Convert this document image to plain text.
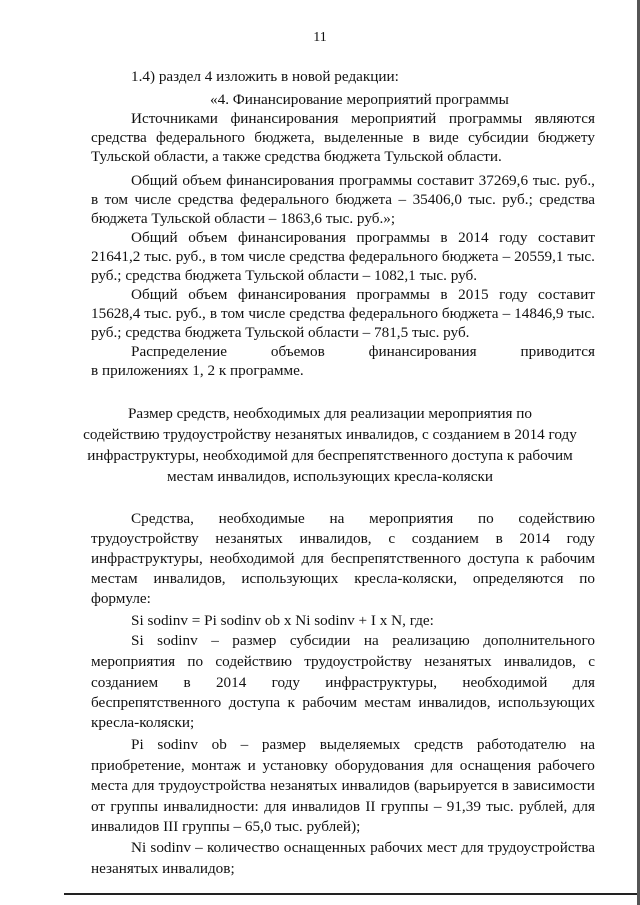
11
1.4) раздел 4 изложить в новой редакции:
«4. Финансирование мероприятий программы
Источниками финансирования мероприятий программы являются
средства федерального бюджета, выделенные в виде субсидии бюджету
Тульской области, а также средства бюджета Тульской области.
Общий объем финансирования программы составит 37269,6 тыс. руб.,
в том числе средства федерального бюджета – 35406,0 тыс. руб.; средства
бюджета Тульской области – 1863,6 тыс. руб.»;
Общий объем финансирования программы в 2014 году составит
21641,2 тыс. руб., в том числе средства федерального бюджета – 20559,1 тыс.
руб.; средства бюджета Тульской области – 1082,1 тыс. руб.
Общий объем финансирования программы в 2015 году составит
15628,4 тыс. руб., в том числе средства федерального бюджета – 14846,9 тыс.
руб.; средства бюджета Тульской области – 781,5 тыс. руб.
Распределение	объемов	финансирования	приводится
в приложениях 1, 2 к программе.
Размер средств, необходимых для реализации мероприятия по
содействию трудоустройству незанятых инвалидов, с созданием в 2014 году
инфраструктуры, необходимой для беспрепятственного доступа к рабочим
местам инвалидов, использующих кресла-коляски
Средства, необходимые на мероприятия по содействию
трудоустройству незанятых инвалидов, с созданием в 2014 году
инфраструктуры, необходимой для беспрепятственного доступа к рабочим
местам инвалидов, использующих кресла-коляски, определяются по
формуле:
Si sodinv = Pi sodinv ob x Ni sodinv + I x N, где:
Si sodinv – размер субсидии на реализацию дополнительного
мероприятия по содействию трудоустройству незанятых инвалидов, с
созданием в 2014 году инфраструктуры, необходимой для
беспрепятственного доступа к рабочим местам инвалидов, использующих
кресла-коляски;
Pi sodinv ob – размер выделяемых средств работодателю на
приобретение, монтаж и установку оборудования для оснащения рабочего
места для трудоустройства незанятых инвалидов (варьируется в зависимости
от группы инвалидности: для инвалидов II группы – 91,39 тыс. рублей, для
инвалидов III группы – 65,0 тыс. рублей);
Ni sodinv – количество оснащенных рабочих мест для трудоустройства
незанятых инвалидов;
